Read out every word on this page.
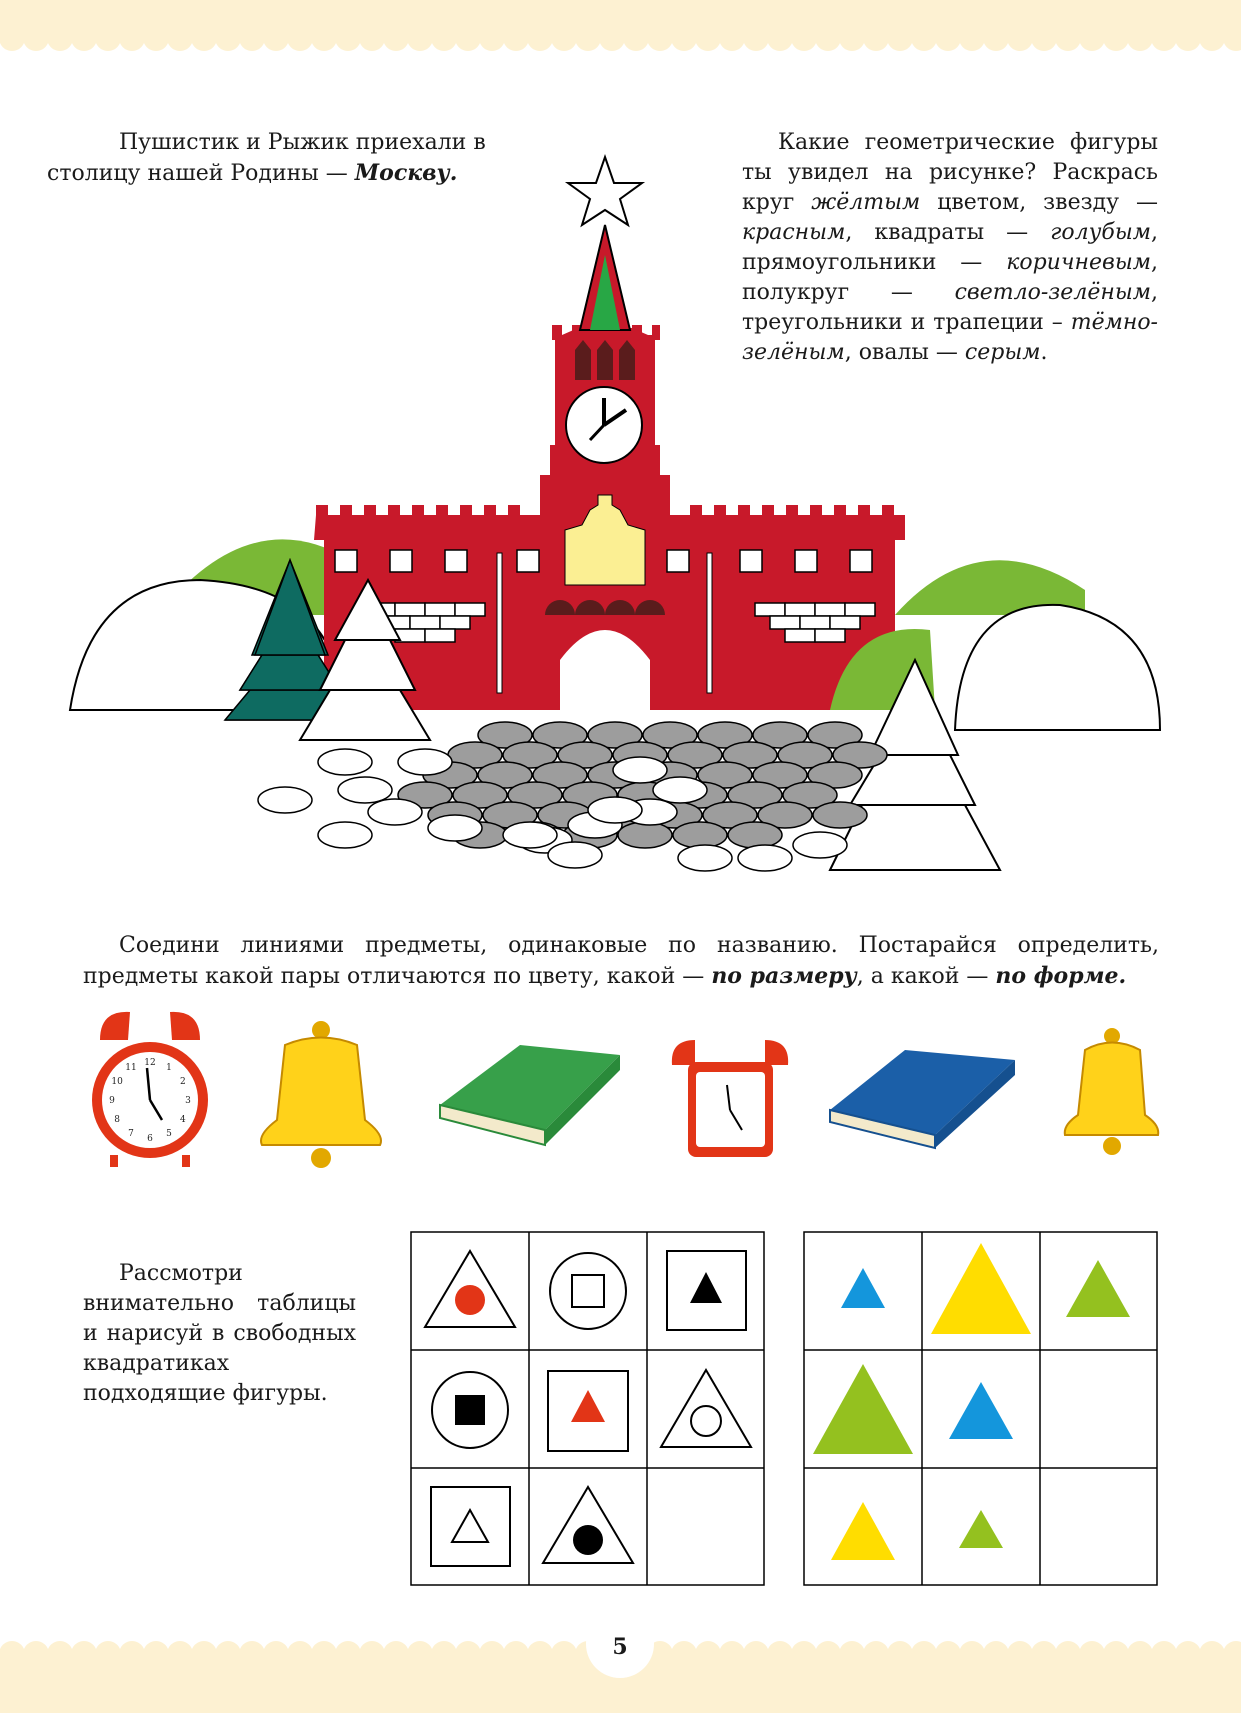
Пушистик и Рыжик приехали в
столицу нашей Родины — Москву.

Какие геометрические фигуры ты увидел на рисунке? Раскрась круг жёлтым цветом, звезду — красным, квадраты — голубым, прямоугольники — коричневым, полукруг — светло-зелёным, треугольники и трапеции – тёмно-зелёным, овалы — серым.

Соедини линиями предметы, одинаковые по названию. Постарайся определить, предметы какой пары отличаются по цвету, какой — по размеру, а какой — по форме.

12
1
2
3
4
5
6
7
8
9
10
11

Рассмотри внимательно таблицы и нарисуй в свободных квадратиках подходящие фигуры.

5
